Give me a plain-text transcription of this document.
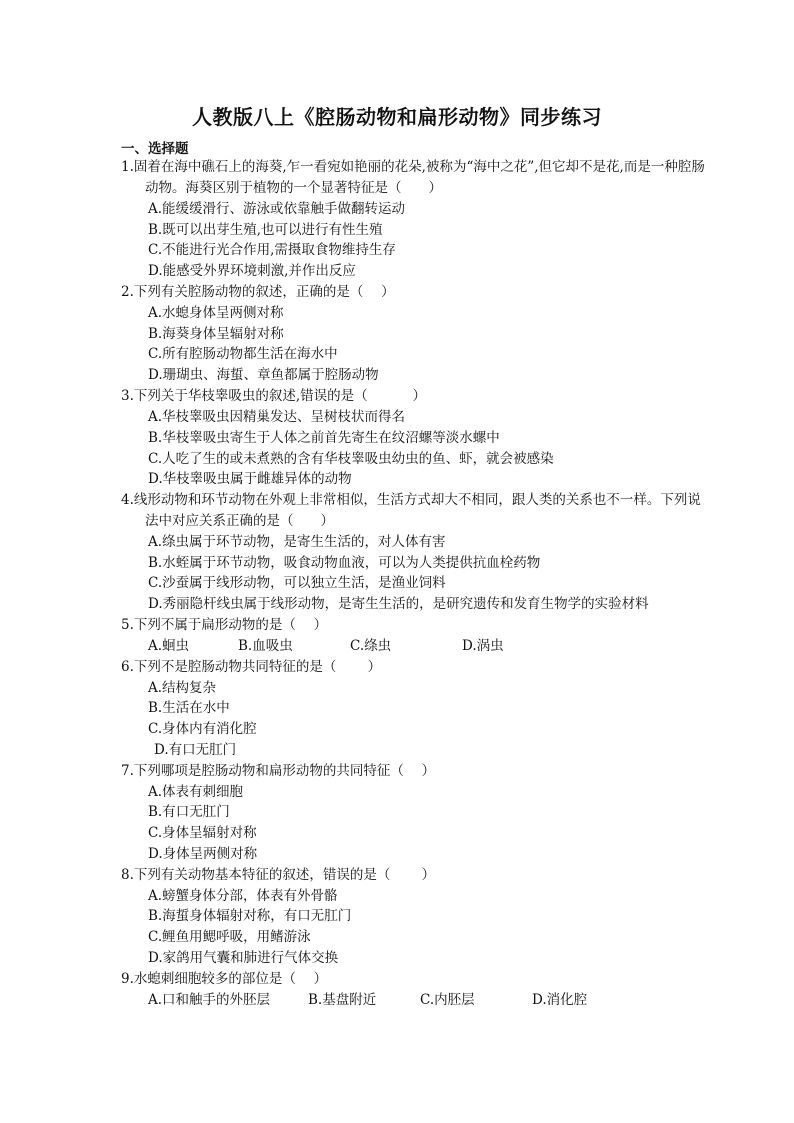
人教版八上《腔肠动物和扁形动物》同步练习
一、选择题
1.固着在海中礁石上的海葵,乍一看宛如艳丽的花朵,被称为“海中之花”,但它却不是花,而是一种腔肠动物。海葵区别于植物的一个显著特征是（　　）
A.能缓缓滑行、游泳或依靠触手做翻转运动
B.既可以出芽生殖,也可以进行有性生殖
C.不能进行光合作用,需摄取食物维持生存
D.能感受外界环境刺激,并作出反应
2.下列有关腔肠动物的叙述，正确的是（　 ）
A.水螅身体呈两侧对称
B.海葵身体呈辐射对称
C.所有腔肠动物都生活在海水中
D.珊瑚虫、海蜇、章鱼都属于腔肠动物
3.下列关于华枝睾吸虫的叙述,错误的是（　　　 ）
A.华枝睾吸虫因精巢发达、呈树枝状而得名
B.华枝睾吸虫寄生于人体之前首先寄生在纹沼螺等淡水螺中
C.人吃了生的或未煮熟的含有华枝睾吸虫幼虫的鱼、虾，就会被感染
D.华枝睾吸虫属于雌雄异体的动物
4.线形动物和环节动物在外观上非常相似，生活方式却大不相同，跟人类的关系也不一样。下列说法中对应关系正确的是（　　）
A.绦虫属于环节动物，是寄生生活的，对人体有害
B.水蛭属于环节动物，吸食动物血液，可以为人类提供抗血栓药物
C.沙蚕属于线形动物，可以独立生活，是渔业饲料
D.秀丽隐杆线虫属于线形动物，是寄生生活的，是研究遗传和发育生物学的实验材料
5.下列不属于扁形动物的是（　 ）
A.蛔虫	B.血吸虫	C.绦虫	D.涡虫
6.下列不是腔肠动物共同特征的是（　　 ）
A.结构复杂
B.生活在水中
C.身体内有消化腔
D.有口无肛门
7.下列哪项是腔肠动物和扁形动物的共同特征（　 ）
A.体表有刺细胞
B.有口无肛门
C.身体呈辐射对称
D.身体呈两侧对称
8.下列有关动物基本特征的叙述，错误的是（　　 ）
A.螃蟹身体分部，体表有外骨骼
B.海蜇身体辐射对称，有口无肛门
C.鲤鱼用鳃呼吸，用鳍游泳
D.家鸽用气囊和肺进行气体交换
9.水螅刺细胞较多的部位是（　 ）
A.口和触手的外胚层	B.基盘附近	C.内胚层	D.消化腔
